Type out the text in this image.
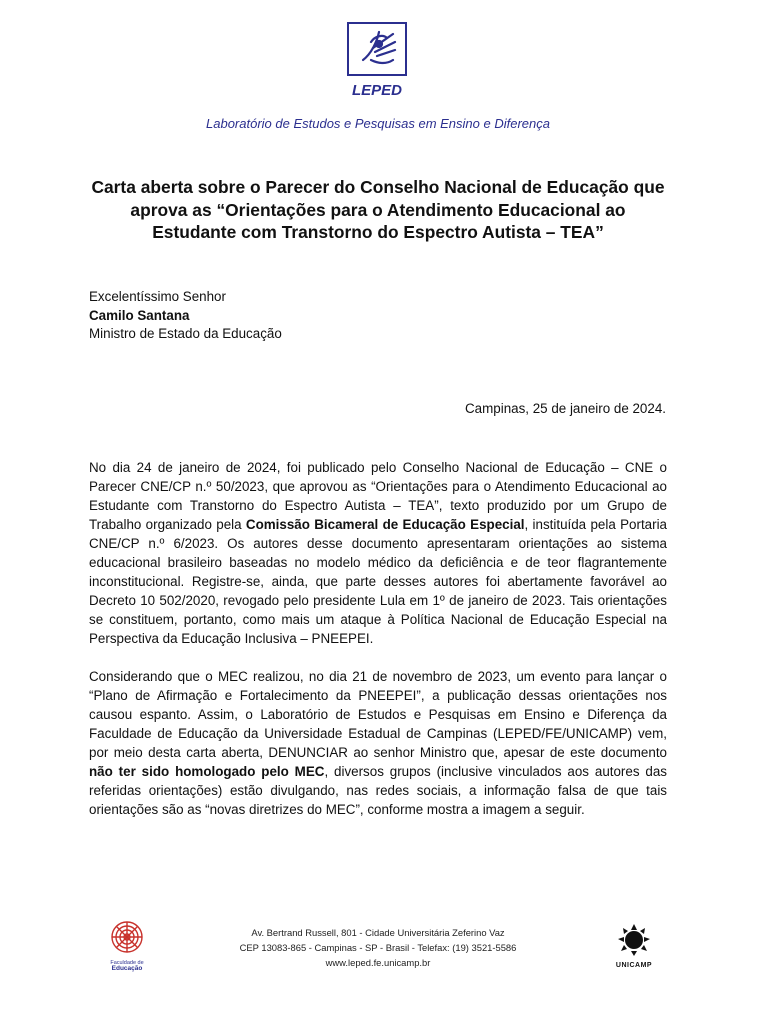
LEPED
Laboratório de Estudos e Pesquisas em Ensino e Diferença
Carta aberta sobre o Parecer do Conselho Nacional de Educação que aprova as “Orientações para o Atendimento Educacional ao Estudante com Transtorno do Espectro Autista – TEA”
Excelentíssimo Senhor
Camilo Santana
Ministro de Estado da Educação
Campinas, 25 de janeiro de 2024.

No dia 24 de janeiro de 2024, foi publicado pelo Conselho Nacional de Educação – CNE o Parecer CNE/CP n.º 50/2023, que aprovou as “Orientações para o Atendimento Educacional ao Estudante com Transtorno do Espectro Autista – TEA”, texto produzido por um Grupo de Trabalho organizado pela Comissão Bicameral de Educação Especial, instituída pela Portaria CNE/CP n.º 6/2023. Os autores desse documento apresentaram orientações ao sistema educacional brasileiro baseadas no modelo médico da deficiência e de teor flagrantemente inconstitucional. Registre-se, ainda, que parte desses autores foi abertamente favorável ao Decreto 10 502/2020, revogado pelo presidente Lula em 1º de janeiro de 2023. Tais orientações se constituem, portanto, como mais um ataque à Política Nacional de Educação Especial na Perspectiva da Educação Inclusiva – PNEEPEI.

Considerando que o MEC realizou, no dia 21 de novembro de 2023, um evento para lançar o “Plano de Afirmação e Fortalecimento da PNEEPEI”, a publicação dessas orientações nos causou espanto. Assim, o Laboratório de Estudos e Pesquisas em Ensino e Diferença da Faculdade de Educação da Universidade Estadual de Campinas (LEPED/FE/UNICAMP) vem, por meio desta carta aberta, DENUNCIAR ao senhor Ministro que, apesar de este documento não ter sido homologado pelo MEC, diversos grupos (inclusive vinculados aos autores das referidas orientações) estão divulgando, nas redes sociais, a informação falsa de que tais orientações são as “novas diretrizes do MEC”, conforme mostra a imagem a seguir.

Faculdade de
Educação
Av. Bertrand Russell, 801 - Cidade Universitária Zeferino Vaz
CEP 13083-865 - Campinas - SP - Brasil - Telefax: (19) 3521-5586
www.leped.fe.unicamp.br	UNICAMP
